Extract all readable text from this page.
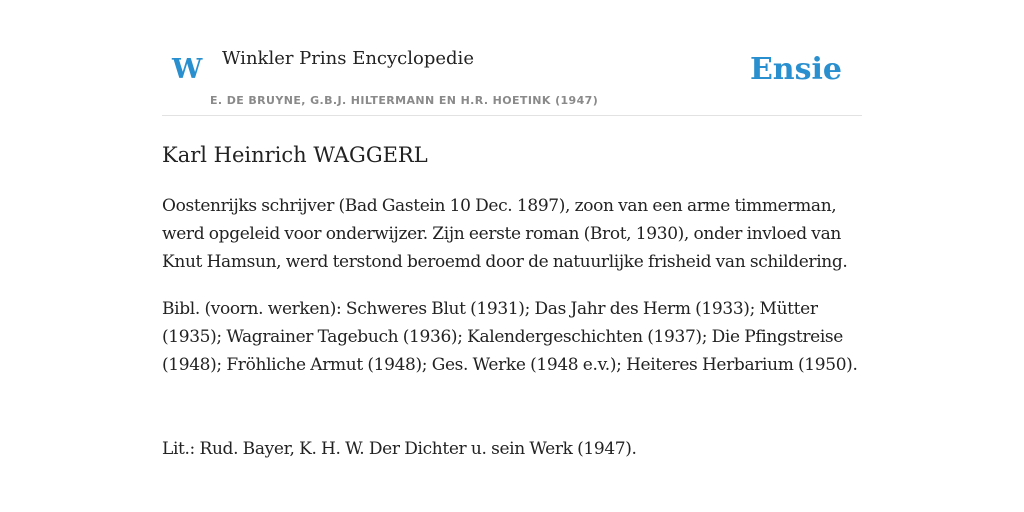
W Winkler Prins Encyclopedie
E. DE BRUYNE, G.B.J. HILTERMANN EN H.R. HOETINK (1947)
Ensie
Karl Heinrich WAGGERL

Oostenrijks schrijver (Bad Gastein 10 Dec. 1897), zoon van een arme timmerman, werd opgeleid voor onderwijzer. Zijn eerste roman (Brot, 1930), onder invloed van Knut Hamsun, werd terstond beroemd door de natuurlijke frisheid van schildering.

Bibl. (voorn. werken): Schweres Blut (1931); Das Jahr des Herm (1933); Mütter (1935); Wagrainer Tagebuch (1936); Kalendergeschichten (1937); Die Pfingstreise (1948); Fröhliche Armut (1948); Ges. Werke (1948 e.v.); Heiteres Herbarium (1950).

Lit.: Rud. Bayer, K. H. W. Der Dichter u. sein Werk (1947).
